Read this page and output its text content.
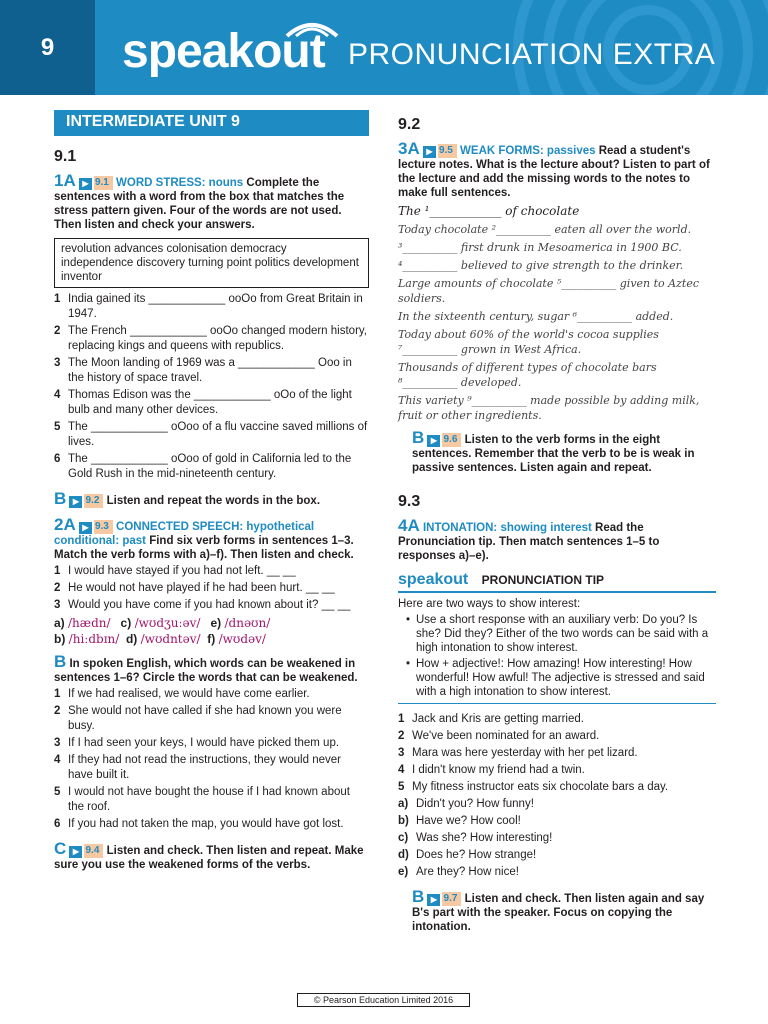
9	speakout PRONUNCIATION EXTRA
INTERMEDIATE UNIT 9
9.1
1A ▶ 9.1 WORD STRESS: nouns Complete the sentences with a word from the box that matches the stress pattern given. Four of the words are not used. Then listen and check your answers.
revolution advances colonisation democracy independence discovery turning point politics development inventor
1 India gained its ____________ ooOo from Great Britain in 1947.
2 The French ____________ ooOo changed modern history, replacing kings and queens with republics.
3 The Moon landing of 1969 was a ____________ Ooo in the history of space travel.
4 Thomas Edison was the ____________ oOo of the light bulb and many other devices.
5 The ____________ oOoo of a flu vaccine saved millions of lives.
6 The ____________ oOoo of gold in California led to the Gold Rush in the mid-nineteenth century.
B ▶ 9.2 Listen and repeat the words in the box.
2A ▶ 9.3 CONNECTED SPEECH: hypothetical conditional: past Find six verb forms in sentences 1–3. Match the verb forms with a)–f). Then listen and check.
1 I would have stayed if you had not left. __ __
2 He would not have played if he had been hurt. __ __
3 Would you have come if you had known about it? __ __
a) /hædn/ c) /wʊdʒuːəv/ e) /dnəʊn/
b) /hiːdbɪn/ d) /wʊdntəv/ f) /wʊdəv/
B In spoken English, which words can be weakened in sentences 1–6? Circle the words that can be weakened.
1 If we had realised, we would have come earlier.
2 She would not have called if she had known you were busy.
3 If I had seen your keys, I would have picked them up.
4 If they had not read the instructions, they would never have built it.
5 I would not have bought the house if I had known about the roof.
6 If you had not taken the map, you would have got lost.
C ▶ 9.4 Listen and check. Then listen and repeat. Make sure you use the weakened forms of the verbs.
9.2
3A ▶ 9.5 WEAK FORMS: passives Read a student's lecture notes. What is the lecture about? Listen to part of the lecture and add the missing words to the notes to make full sentences.
The ¹____________ of chocolate

Today chocolate ²__________ eaten all over the world.

³__________ first drunk in Mesoamerica in 1900 BC.

⁴__________ believed to give strength to the drinker.

Large amounts of chocolate ⁵__________ given to Aztec soldiers.

In the sixteenth century, sugar ⁶__________ added.

Today about 60% of the world's cocoa supplies ⁷__________ grown in West Africa.

Thousands of different types of chocolate bars ⁸__________ developed.

This variety ⁹__________ made possible by adding milk, fruit or other ingredients.

B ▶ 9.6 Listen to the verb forms in the eight sentences. Remember that the verb to be is weak in passive sentences. Listen again and repeat.
9.3
4A INTONATION: showing interest Read the Pronunciation tip. Then match sentences 1–5 to responses a)–e).
speakout PRONUNCIATION TIP
Here are two ways to show interest:
• Use a short response with an auxiliary verb: Do you? Is she? Did they? Either of the two words can be said with a high intonation to show interest.
• How + adjective!: How amazing! How interesting! How wonderful! How awful! The adjective is stressed and said with a high intonation to show interest.
1 Jack and Kris are getting married.
2 We've been nominated for an award.
3 Mara was here yesterday with her pet lizard.
4 I didn't know my friend had a twin.
5 My fitness instructor eats six chocolate bars a day.
a) Didn't you? How funny!
b) Have we? How cool!
c) Was she? How interesting!
d) Does he? How strange!
e) Are they? How nice!
B ▶ 9.7 Listen and check. Then listen again and say B's part with the speaker. Focus on copying the intonation.
© Pearson Education Limited 2016
